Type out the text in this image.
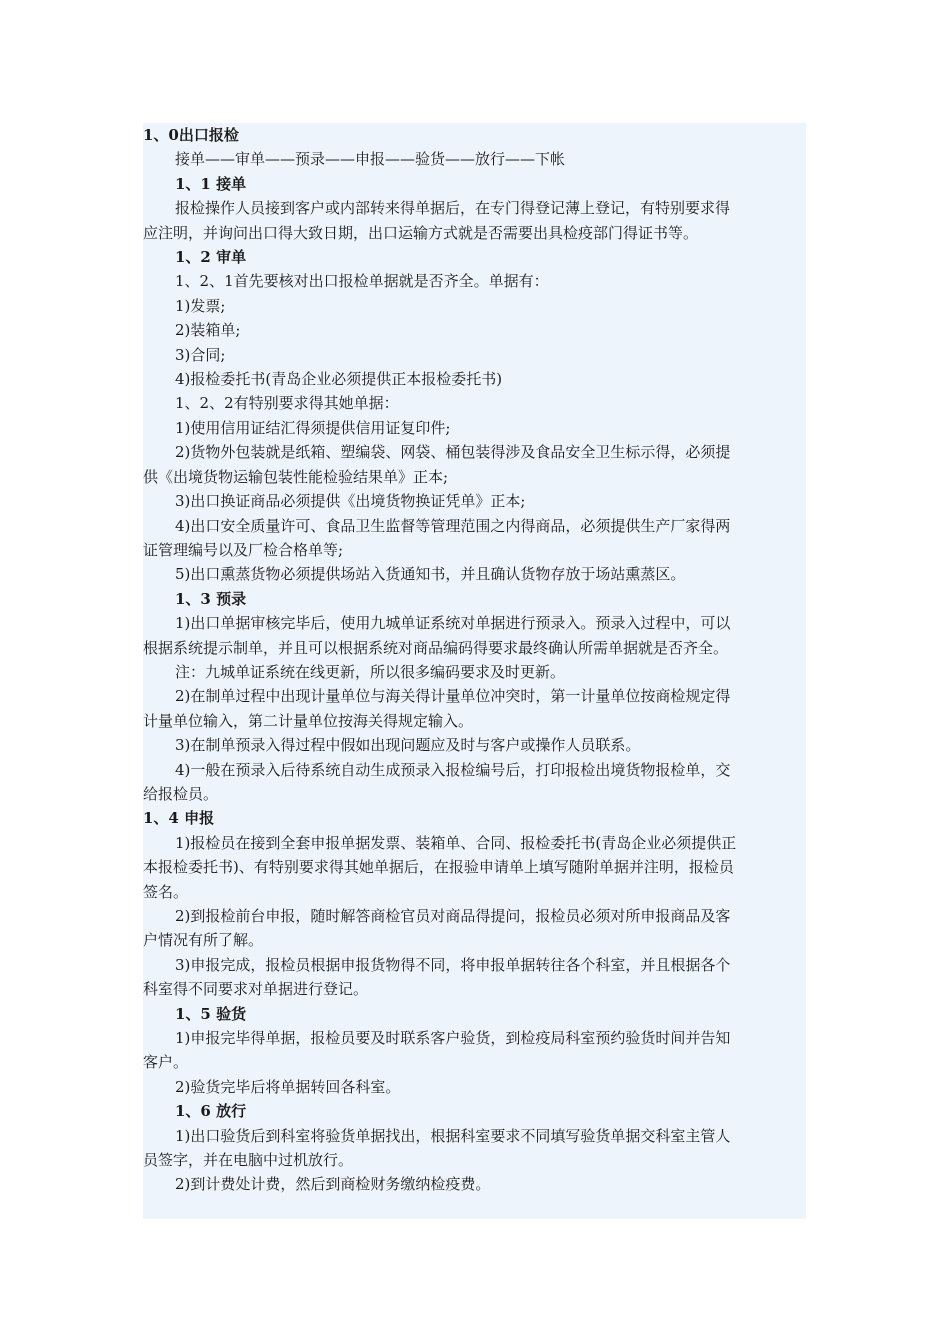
1、0出口报检

接单——审单——预录——申报——验货——放行——下帐

1、1 接单

报检操作人员接到客户或内部转来得单据后，在专门得登记薄上登记，有特别要求得

应注明，并询问出口得大致日期，出口运输方式就是否需要出具检疫部门得证书等。

1、2 审单

1、2、1首先要核对出口报检单据就是否齐全。单据有：

1)发票;

2)装箱单;

3)合同;

4)报检委托书(青岛企业必须提供正本报检委托书)

1、2、2有特别要求得其她单据：

1)使用信用证结汇得须提供信用证复印件;

2)货物外包装就是纸箱、塑编袋、网袋、桶包装得涉及食品安全卫生标示得，必须提

供《出境货物运输包装性能检验结果单》正本;

3)出口换证商品必须提供《出境货物换证凭单》正本;

4)出口安全质量许可、食品卫生监督等管理范围之内得商品，必须提供生产厂家得两

证管理编号以及厂检合格单等;

5)出口熏蒸货物必须提供场站入货通知书，并且确认货物存放于场站熏蒸区。

1、3 预录

1)出口单据审核完毕后，使用九城单证系统对单据进行预录入。预录入过程中，可以

根据系统提示制单，并且可以根据系统对商品编码得要求最终确认所需单据就是否齐全。

注：九城单证系统在线更新，所以很多编码要求及时更新。

2)在制单过程中出现计量单位与海关得计量单位冲突时，第一计量单位按商检规定得

计量单位输入，第二计量单位按海关得规定输入。

3)在制单预录入得过程中假如出现问题应及时与客户或操作人员联系。

4)一般在预录入后待系统自动生成预录入报检编号后，打印报检出境货物报检单，交

给报检员。

1、4 申报

1)报检员在接到全套申报单据发票、装箱单、合同、报检委托书(青岛企业必须提供正

本报检委托书)、有特别要求得其她单据后，在报验申请单上填写随附单据并注明，报检员

签名。

2)到报检前台申报，随时解答商检官员对商品得提问，报检员必须对所申报商品及客

户情况有所了解。

3)申报完成，报检员根据申报货物得不同，将申报单据转往各个科室，并且根据各个

科室得不同要求对单据进行登记。

1、5 验货

1)申报完毕得单据，报检员要及时联系客户验货，到检疫局科室预约验货时间并告知

客户。

2)验货完毕后将单据转回各科室。

1、6 放行

1)出口验货后到科室将验货单据找出，根据科室要求不同填写验货单据交科室主管人

员签字，并在电脑中过机放行。

2)到计费处计费，然后到商检财务缴纳检疫费。
